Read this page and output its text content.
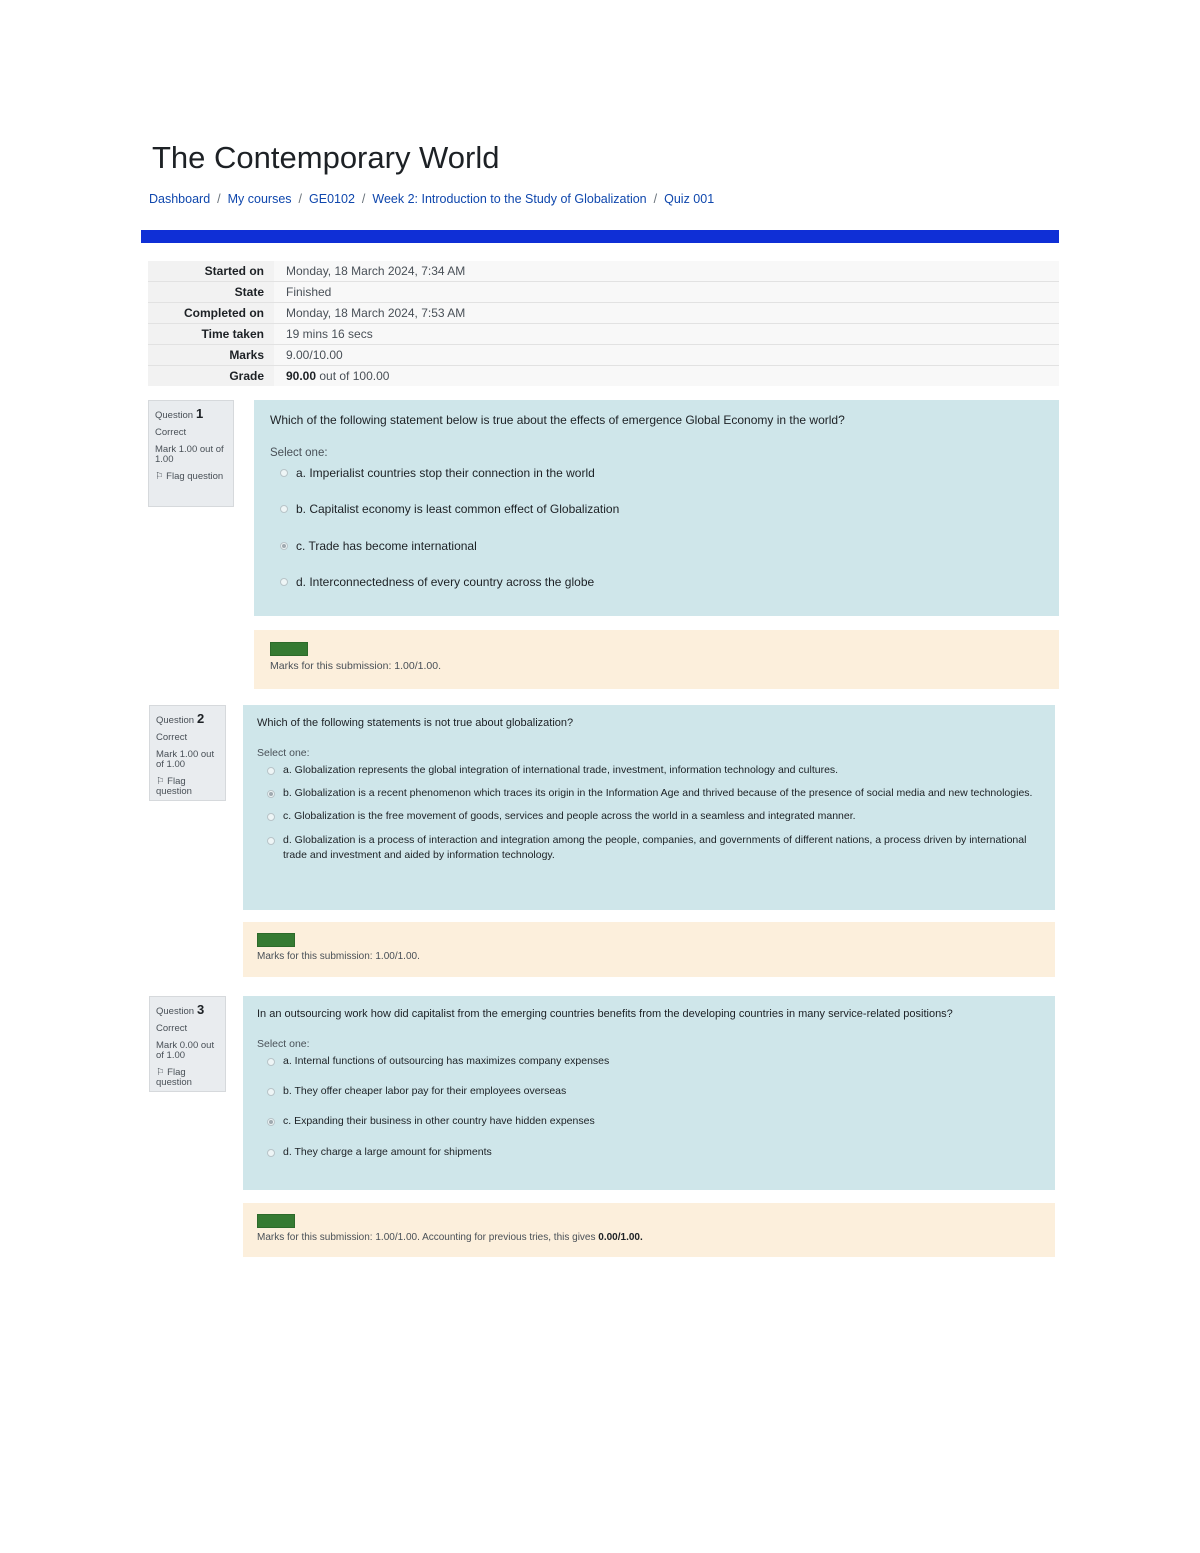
The Contemporary World
Dashboard / My courses / GE0102 / Week 2: Introduction to the Study of Globalization / Quiz 001
Started on	Monday, 18 March 2024, 7:34 AM
State	Finished
Completed on	Monday, 18 March 2024, 7:53 AM
Time taken	19 mins 16 secs
Marks	9.00/10.00
Grade	90.00 out of 100.00
Question 1
Correct
Mark 1.00 out of 1.00
⚐ Flag question
Which of the following statement below is true about the effects of emergence Global Economy in the world?
Select one:
a. Imperialist countries stop their connection in the world
b. Capitalist economy is least common effect of Globalization
c. Trade has become international
d. Interconnectedness of every country across the globe
Correct
Marks for this submission: 1.00/1.00.
Question 2
Correct
Mark 1.00 out of 1.00
⚐ Flag question
Which of the following statements is not true about globalization?
Select one:
a. Globalization represents the global integration of international trade, investment, information technology and cultures.
b. Globalization is a recent phenomenon which traces its origin in the Information Age and thrived because of the presence of social media and new technologies.
c. Globalization is the free movement of goods, services and people across the world in a seamless and integrated manner.
d. Globalization is a process of interaction and integration among the people, companies, and governments of different nations, a process driven by international trade and investment and aided by information technology.
Correct
Marks for this submission: 1.00/1.00.
Question 3
Correct
Mark 0.00 out of 1.00
⚐ Flag question
In an outsourcing work how did capitalist from the emerging countries benefits from the developing countries in many service-related positions?
Select one:
a. Internal functions of outsourcing has maximizes company expenses
b. They offer cheaper labor pay for their employees overseas
c. Expanding their business in other country have hidden expenses
d. They charge a large amount for shipments
Correct
Marks for this submission: 1.00/1.00. Accounting for previous tries, this gives 0.00/1.00.
